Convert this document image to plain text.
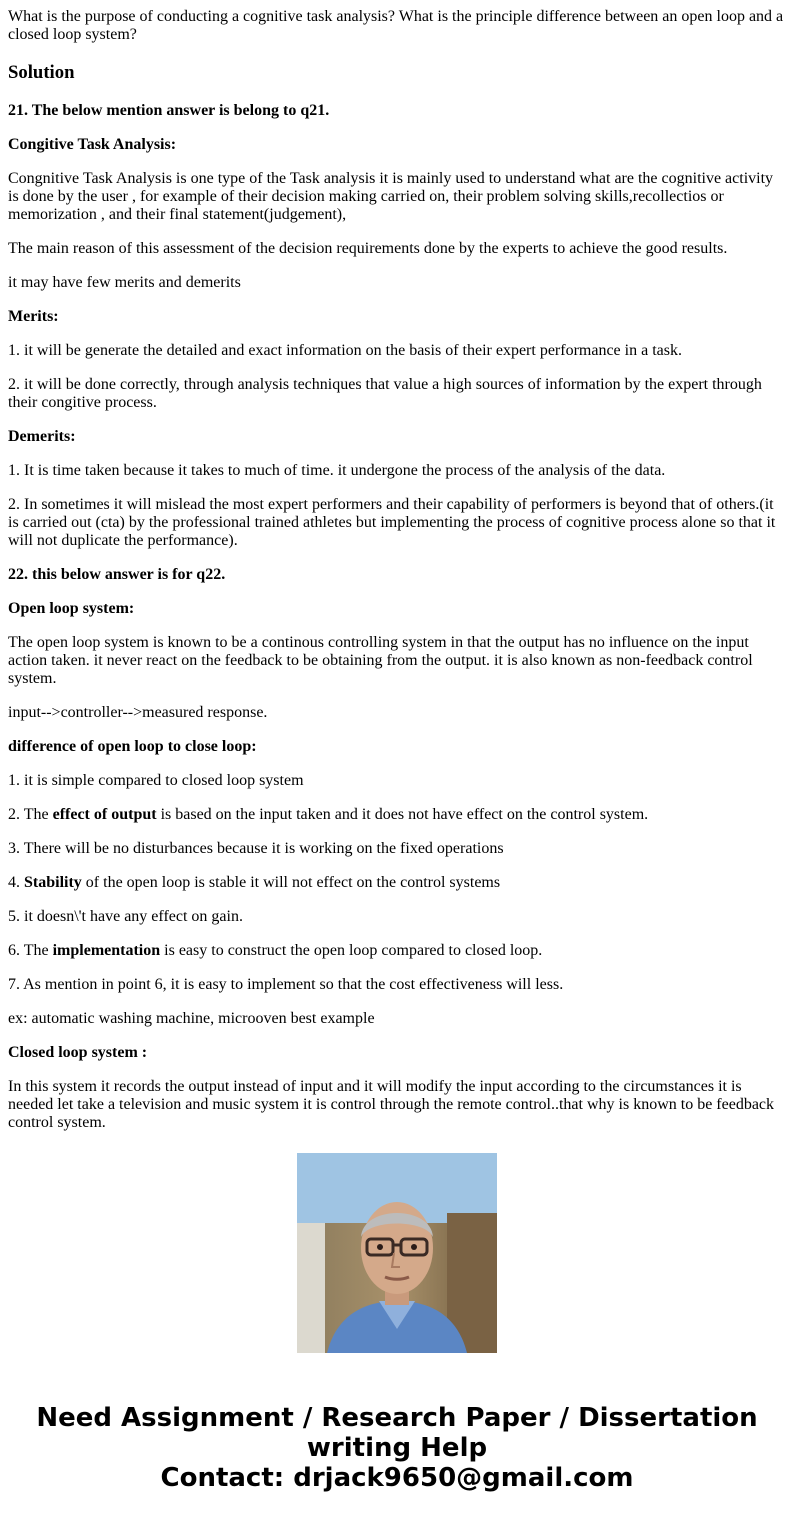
What is the purpose of conducting a cognitive task analysis? What is the principle difference between an open loop and a closed loop system?

Solution

21. The below mention answer is belong to q21.

Congitive Task Analysis:

Congnitive Task Analysis is one type of the Task analysis it is mainly used to understand what are the cognitive activity is done by the user , for example of their decision making carried on, their problem solving skills,recollectios or memorization , and their final statement(judgement),

The main reason of this assessment of the decision requirements done by the experts to achieve the good results.

it may have few merits and demerits

Merits:

1. it will be generate the detailed and exact information on the basis of their expert performance in a task.

2. it will be done correctly, through analysis techniques that value a high sources of information by the expert through their congitive process.

Demerits:

1. It is time taken because it takes to much of time. it undergone the process of the analysis of the data.

2. In sometimes it will mislead the most expert performers and their capability of performers is beyond that of others.(it is carried out (cta) by the professional trained athletes but implementing the process of cognitive process alone so that it will not duplicate the performance).

22. this below answer is for q22.

Open loop system:

The open loop system is known to be a continous controlling system in that the output has no influence on the input action taken. it never react on the feedback to be obtaining from the output. it is also known as non-feedback control system.

input-->controller-->measured response.

difference of open loop to close loop:

1. it is simple compared to closed loop system

2. The effect of output is based on the input taken and it does not have effect on the control system.

3. There will be no disturbances because it is working on the fixed operations

4. Stability of the open loop is stable it will not effect on the control systems

5. it doesn\'t have any effect on gain.

6. The implementation is easy to construct the open loop compared to closed loop.

7. As mention in point 6, it is easy to implement so that the cost effectiveness will less.

ex: automatic washing machine, microoven best example

Closed loop system :

In this system it records the output instead of input and it will modify the input according to the circumstances it is needed let take a television and music system it is control through the remote control..that why is known to be feedback control system.

Need Assignment / Research Paper / Dissertation writing Help
Contact: drjack9650@gmail.com
